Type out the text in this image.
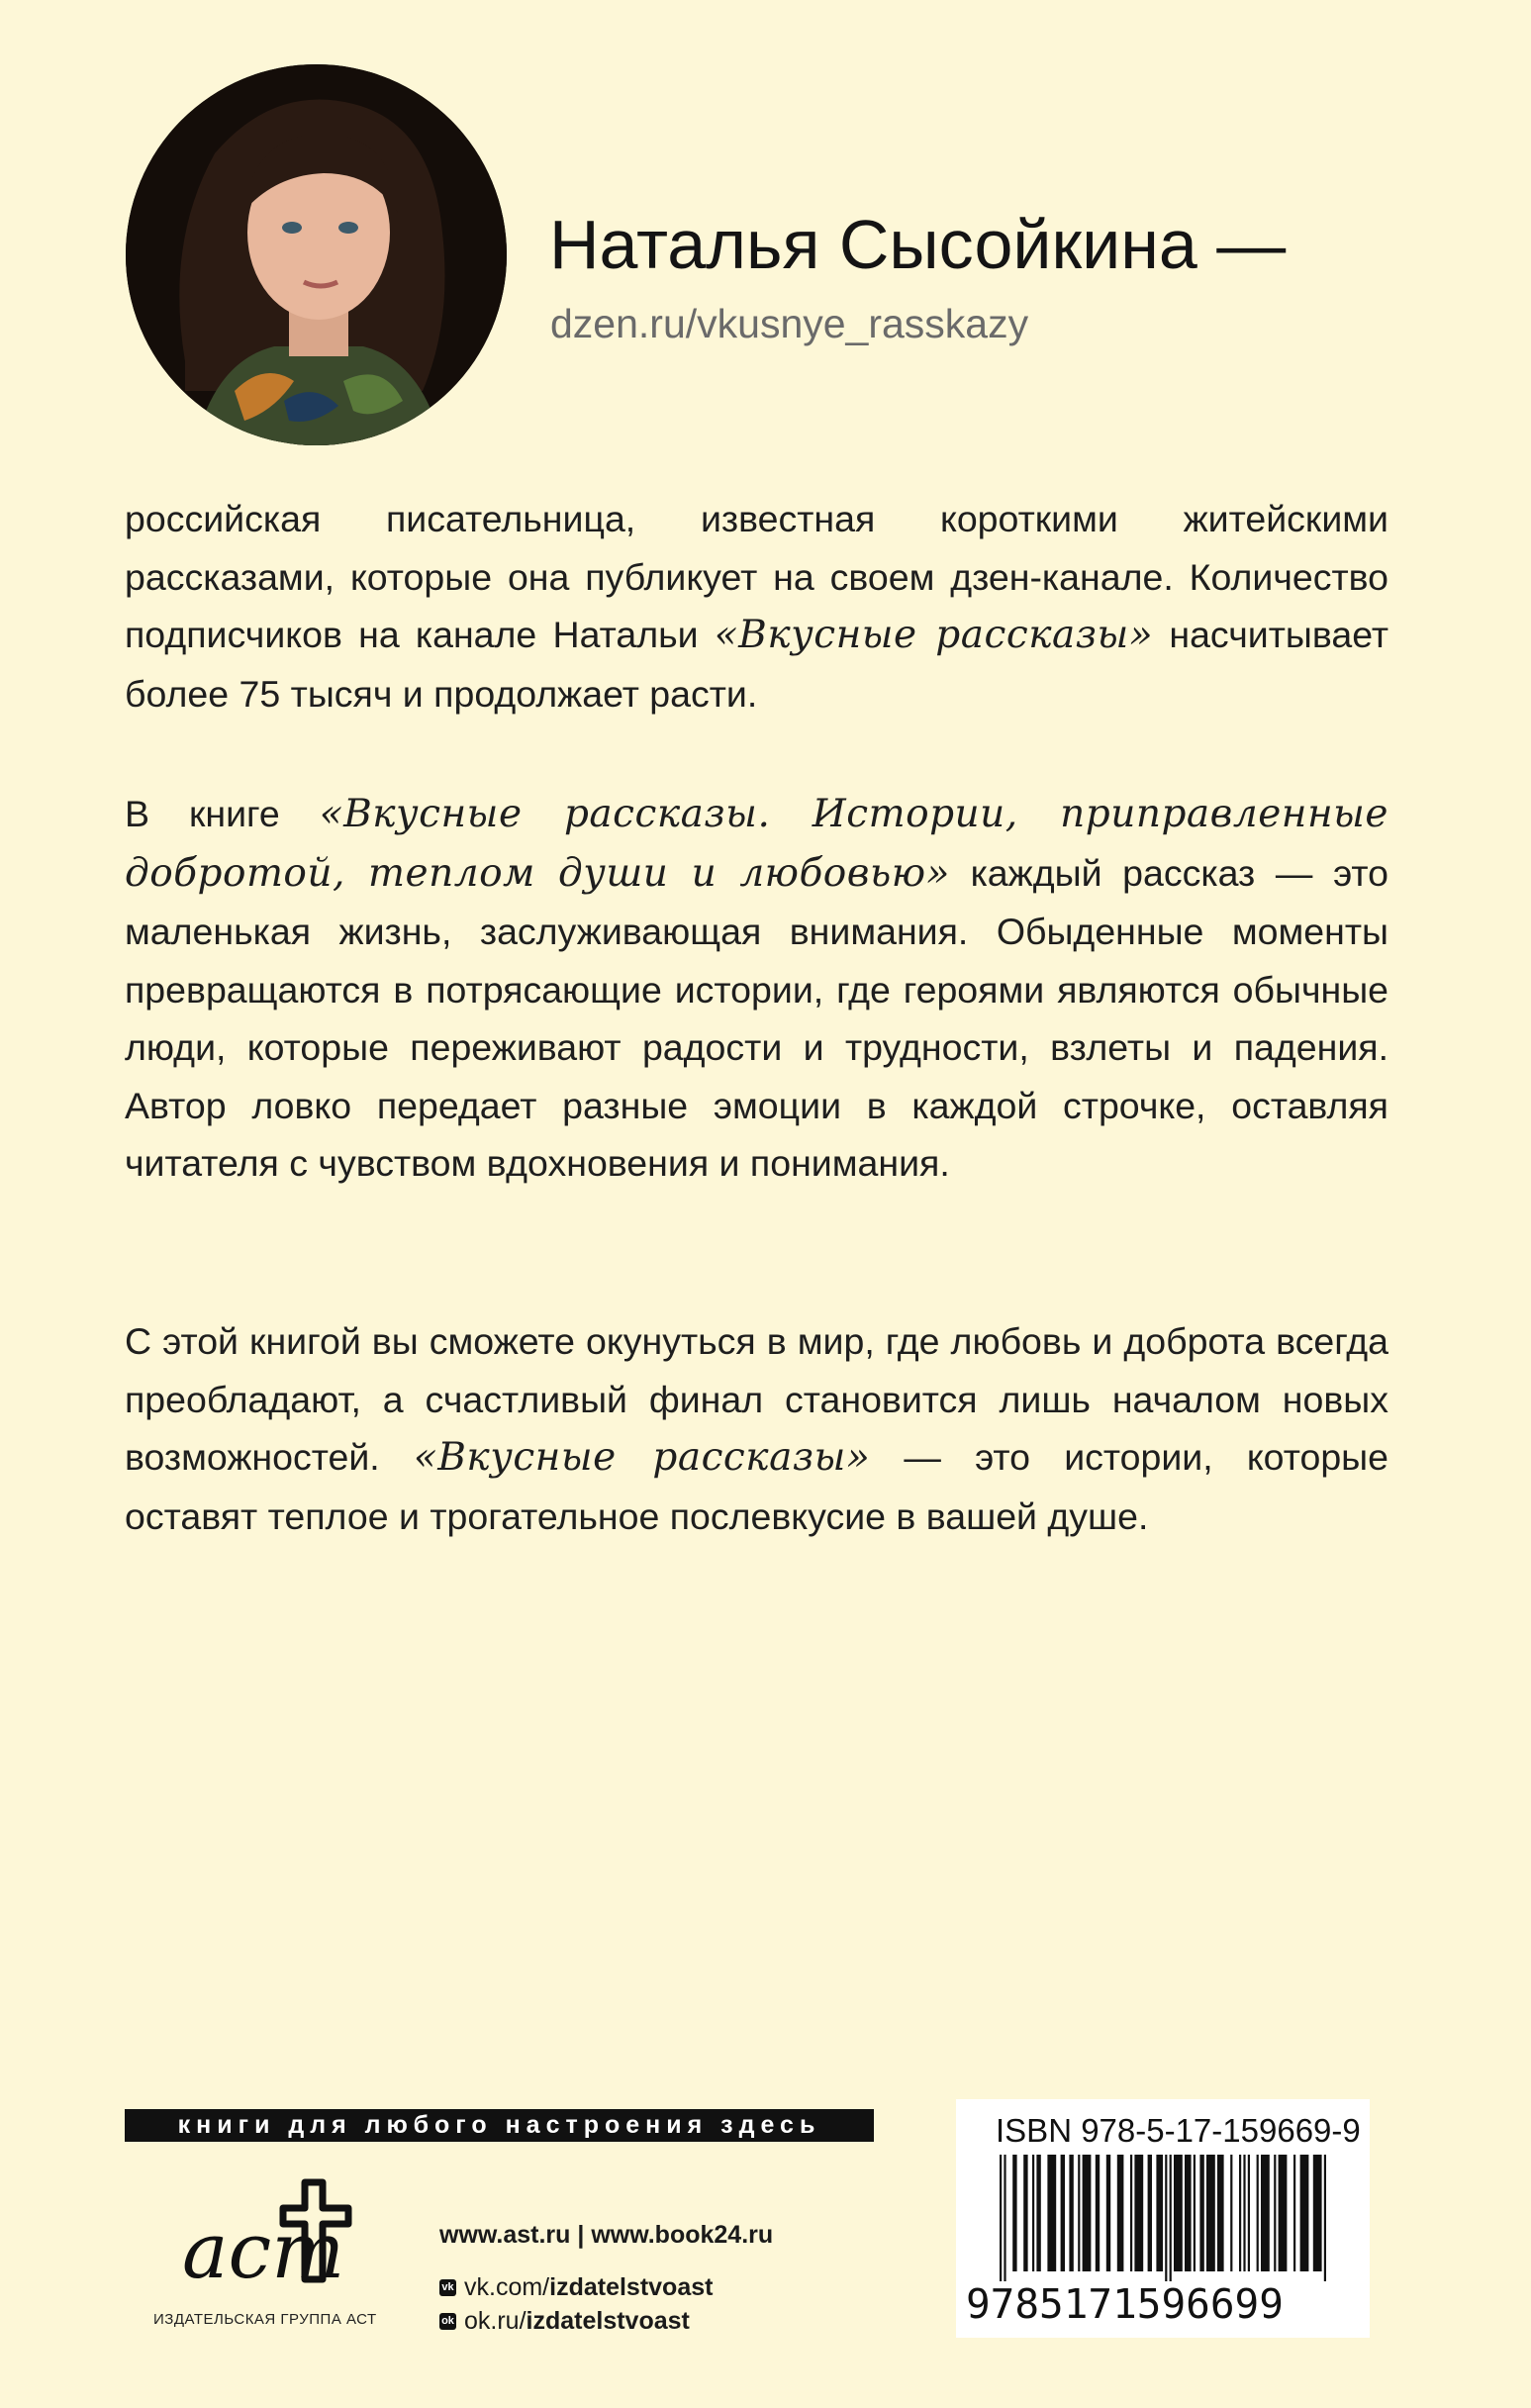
Наталья Сысойкина —
dzen.ru/vkusnye_rasskazy
российская писательница, известная короткими житейскими рассказами, которые она публикует на своем дзен-канале. Количество подписчиков на канале Натальи «Вкусные рассказы» насчитывает более 75 тысяч и продолжает расти.
В книге «Вкусные рассказы. Истории, приправленные добротой, теплом души и любовью» каждый рассказ — это маленькая жизнь, заслуживающая внимания. Обыденные моменты превращаются в потрясающие истории, где героями являются обычные люди, которые переживают радости и трудности, взлеты и падения. Автор ловко передает разные эмоции в каждой строчке, оставляя читателя с чувством вдохновения и понимания.
С этой книгой вы сможете окунуться в мир, где любовь и доброта всегда преобладают, а счастливый финал становится лишь началом новых возможностей. «Вкусные рассказы» — это истории, которые оставят теплое и трогательное послевкусие в вашей душе.
книги для любого настроения здесь
аст
ИЗДАТЕЛЬСКАЯ ГРУППА АСТ
www.ast.ru | www.book24.ru
vk vk.com/ izdatelstvoast
ok ok.ru/ izdatelstvoast
ISBN 978-5-17-159669-9
9785171596699
